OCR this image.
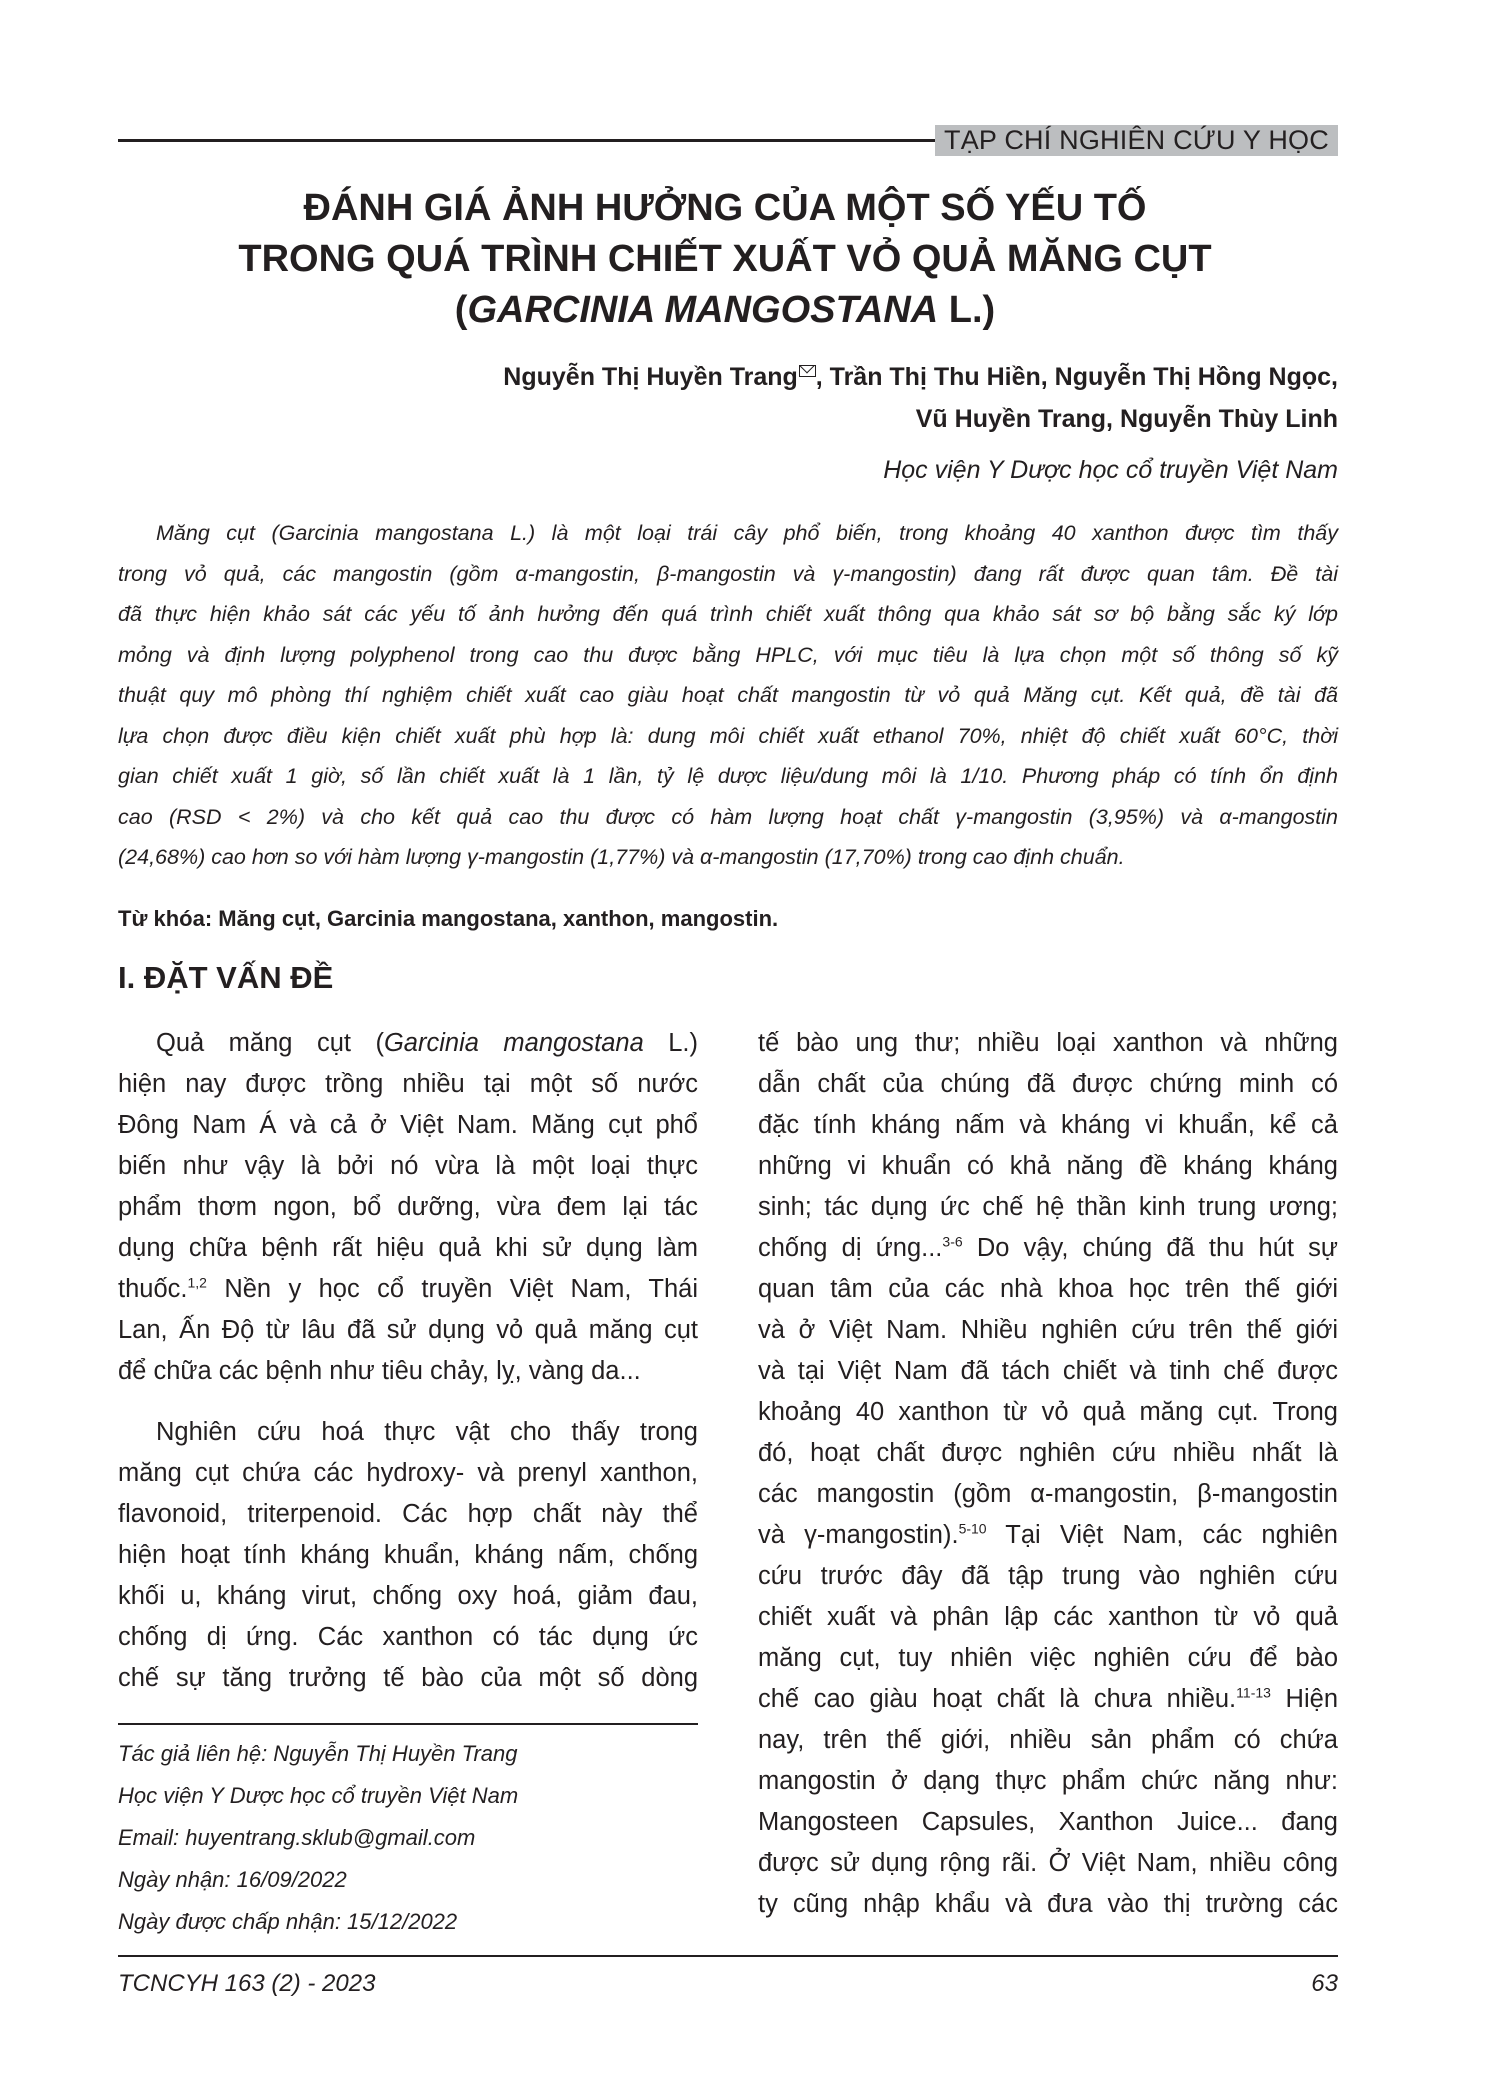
TẠP CHÍ NGHIÊN CỨU Y HỌC
ĐÁNH GIÁ ẢNH HƯỞNG CỦA MỘT SỐ YẾU TỐ
TRONG QUÁ TRÌNH CHIẾT XUẤT VỎ QUẢ MĂNG CỤT
(GARCINIA MANGOSTANA L.)
Nguyễn Thị Huyền Trang , Trần Thị Thu Hiền, Nguyễn Thị Hồng Ngọc,
Vũ Huyền Trang, Nguyễn Thùy Linh
Học viện Y Dược học cổ truyền Việt Nam
Măng cụt (Garcinia mangostana L.) là một loại trái cây phổ biến, trong khoảng 40 xanthon được tìm thấy
trong vỏ quả, các mangostin (gồm α-mangostin, β-mangostin và γ-mangostin) đang rất được quan tâm. Đề tài
đã thực hiện khảo sát các yếu tố ảnh hưởng đến quá trình chiết xuất thông qua khảo sát sơ bộ bằng sắc ký lớp
mỏng và định lượng polyphenol trong cao thu được bằng HPLC, với mục tiêu là lựa chọn một số thông số kỹ
thuật quy mô phòng thí nghiệm chiết xuất cao giàu hoạt chất mangostin từ vỏ quả Măng cụt. Kết quả, đề tài đã
lựa chọn được điều kiện chiết xuất phù hợp là: dung môi chiết xuất ethanol 70%, nhiệt độ chiết xuất 60°C, thời
gian chiết xuất 1 giờ, số lần chiết xuất là 1 lần, tỷ lệ dược liệu/dung môi là 1/10. Phương pháp có tính ổn định
cao (RSD < 2%) và cho kết quả cao thu được có hàm lượng hoạt chất γ-mangostin (3,95%) và α-mangostin
(24,68%) cao hơn so với hàm lượng γ-mangostin (1,77%) và α-mangostin (17,70%) trong cao định chuẩn.
Từ khóa: Măng cụt, Garcinia mangostana, xanthon, mangostin.
I. ĐẶT VẤN ĐỀ
Quả măng cụt (Garcinia mangostana L.)
hiện nay được trồng nhiều tại một số nước
Đông Nam Á và cả ở Việt Nam. Măng cụt phổ
biến như vậy là bởi nó vừa là một loại thực
phẩm thơm ngon, bổ dưỡng, vừa đem lại tác
dụng chữa bệnh rất hiệu quả khi sử dụng làm
thuốc.$^{1,2}$ Nền y học cổ truyền Việt Nam, Thái
Lan, Ấn Độ từ lâu đã sử dụng vỏ quả măng cụt
để chữa các bệnh như tiêu chảy, lỵ, vàng da...
Nghiên cứu hoá thực vật cho thấy trong
măng cụt chứa các hydroxy- và prenyl xanthon,
flavonoid, triterpenoid. Các hợp chất này thể
hiện hoạt tính kháng khuẩn, kháng nấm, chống
khối u, kháng virut, chống oxy hoá, giảm đau,
chống dị ứng. Các xanthon có tác dụng ức
chế sự tăng trưởng tế bào của một số dòng
Tác giả liên hệ: Nguyễn Thị Huyền Trang
Học viện Y Dược học cổ truyền Việt Nam
Email: huyentrang.sklub@gmail.com
Ngày nhận: 16/09/2022
Ngày được chấp nhận: 15/12/2022
tế bào ung thư; nhiều loại xanthon và những
dẫn chất của chúng đã được chứng minh có
đặc tính kháng nấm và kháng vi khuẩn, kể cả
những vi khuẩn có khả năng đề kháng kháng
sinh; tác dụng ức chế hệ thần kinh trung ương;
chống dị ứng...$^{3-6}$ Do vậy, chúng đã thu hút sự
quan tâm của các nhà khoa học trên thế giới
và ở Việt Nam. Nhiều nghiên cứu trên thế giới
và tại Việt Nam đã tách chiết và tinh chế được
khoảng 40 xanthon từ vỏ quả măng cụt. Trong
đó, hoạt chất được nghiên cứu nhiều nhất là
các mangostin (gồm α-mangostin, β-mangostin
và γ-mangostin).$^{5-10}$ Tại Việt Nam, các nghiên
cứu trước đây đã tập trung vào nghiên cứu
chiết xuất và phân lập các xanthon từ vỏ quả
măng cụt, tuy nhiên việc nghiên cứu để bào
chế cao giàu hoạt chất là chưa nhiều.$^{11-13}$ Hiện
nay, trên thế giới, nhiều sản phẩm có chứa
mangostin ở dạng thực phẩm chức năng như:
Mangosteen Capsules, Xanthon Juice... đang
được sử dụng rộng rãi. Ở Việt Nam, nhiều công
ty cũng nhập khẩu và đưa vào thị trường các
TCNCYH 163 (2) - 2023	63
